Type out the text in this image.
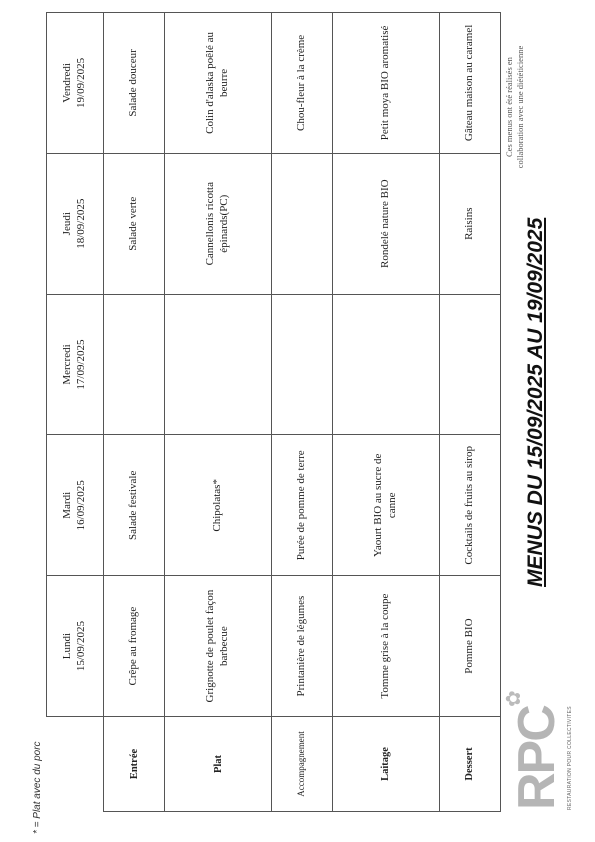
✿
RPC RESTAURATION POUR COLLECTIVITES
MENUS DU 15/09/2025 AU 19/09/2025
Ces menus ont été réalisés en collaboration avec une diététicienne

	Lundi 15/09/2025	Mardi 16/09/2025	Mercredi 17/09/2025	Jeudi 18/09/2025	Vendredi 19/09/2025

Entrée	Crêpe au fromage	Salade festivale		Salade verte	Salade douceur
Plat	Grignotte de poulet façon barbecue	Chipolatas*		Cannellonis ricotta épinards(PC)	Colin d'alaska poêlé au beurre
Accompagnement	Printanière de légumes	Purée de pomme de terre			Chou-fleur à la crème
Laitage	Tomme grise à la coupe	Yaourt BIO au sucre de canne		Rondelé nature BIO	Petit moya BIO aromatisé
Dessert	Pomme BIO	Cocktails de fruits au sirop		Raisins	Gâteau maison au caramel
* = Plat avec du porc
